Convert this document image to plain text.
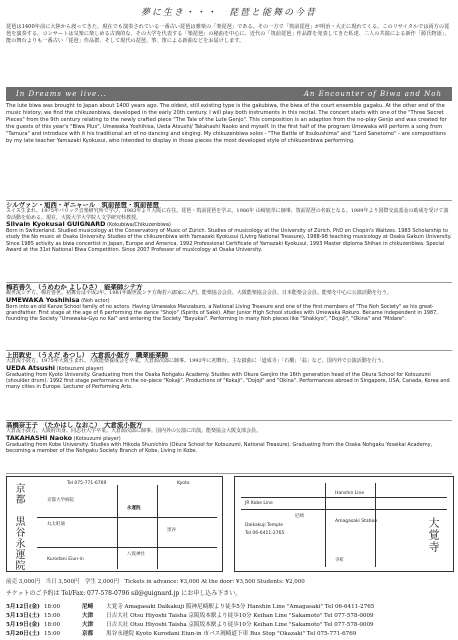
夢に生き・・・　琵琶と能舞の今昔
琵琶は1400年前に大陸から渡ってきた。現在でも演奏されている一番古い琵琶は雅楽の「楽琵琶」である。その一方で「筑前琵琶」が明治・大正に現れてくる。このリサイタルでは両方の琵琶を演奏する。コンサートは気楽に楽しめる古典的な、その大学を代表する「楽琵琶」の秘曲を中心に、近代の「筑前琵琶」作品群を発表してきた私達、二人の共演による新作「源氏物語」、能の舞台よりも一番古い「琵琶」作品群、そして現代の琵琶、箏、笛による新曲などをお届けします。
In Dreams we live...	An Encounter of Biwa and Noh
The lute biwa was brought to Japan about 1400 years ago. The oldest, still existing type is the gakubiwa, the biwa of the court ensemble gagaku. At the other end of the music history, we find the chikuzenbiwa, developed in the early 20th century. I will play both instruments in this recital. The concert starts with one of the "Three Secret Pieces" from the 9th century relating to the newly crafted piece "The Tale of the Lute Genjo". This composition is an adaption from the no-play Genjo and was created for the guests of this year's "Biwa Plus", Umewaka Yoshihisa, Ueda Atsushi/ Takahashi Naoko and myself. In the first half of the program Umewaka will perform a song from "Tamura" and introduce with it his traditional art of no dancing and singing. My chikuzenbiwa solos - "The Battle of Itsukushima" and "Lord Sanetomo" - are compositions by my late teacher Yamazaki Kyokusui, who intended to display in those pieces the most developed style of chikuzenbiwa performing.
シルヴァン・旭西・ギニャール　筑前琵琶・筑前琵琶
スイス生まれ。1975年バロック音楽研究所で学び，1983年より大阪に在住。琵琶・筑前琵琶を学ぶ。1986年 山崎旭萃に師事、筑前琵琶の名取となる。1989年より国際交流基金の助成を受けて演奏活動を始める。現在、大阪大学大学院人文学研究科教授。
Silvain Kyokusai GUIGNARD (Kokubiwa/Chikuzenbiwa)
Born in Switzerland. Studied musicology at the Conservatory of Music of Zürich. Studies of musicology at the University of Zürich, PhD on Chopin's Waltzes. 1983 Scholarship to study the No music at Osaka University. Studies of the chikuzenbiwa with Yamazaki Kyokusui (Living National Treasure), 1988-98 teaching musicology at Osaka Gakuin University. Since 1985 activity as biwa concertist in Japan, Europe and America. 1992 Professional Certificate of Yamazaki Kyokusui. 1993 Master diploma Shihan in chikuzenbiwa. Special Award at the 31st National Biwa Competition. Since 2007 Professor of musicology at Osaka University.
梅若善久　（うめわか よしひさ）　能楽師シテ方
観世流シテ方。梅若善世。初舞台は平成2年。1981年観世流シテ方梅若六郎家に入門。能楽協会会員、大阪能楽協会会員、日本能楽会会員。能楽を中心に公演活動を行う。
UMEWAKA Yoshihisa (Noh actor)
Born into an old Kanze School family of no actors. Having Umewaka Manzaburo, a National Living Treasure and one of the first members of "The Noh Society" as his great-grandfather. First stage at the age of 6 performing the dance "Shojo" (Spirits of Saké). After Junior High School studies with Umewaka Rokuro. Became independent in 1987, founding the Society "Umewaka-Gyo no Kai" and entering the Society "Bayukai". Performing in many Noh pieces like "Shakkyo", "Dojoji", "Okina" and "Midare".
上田敦史　（うえだ あつし）　大倉流小鼓方　職業能楽師
大倉流小鼓方。1975年大阪生まれ。大阪能楽養成会を卒業。大倉源次郎に師事。1992年に初舞台。主な披曲に「道成寺」「石橋」「翁」など。国内外で公演活動を行う。
UEDA Atsushi (Kotsuzumi player)
Graduating from Kyoto University. Graduating from the Osaka Nohgaku Academy. Studies with Okura Genjiro the 16th generation head of the Okura School for Kotsuzumi (shoulder drum). 1992 first stage performance in the no-piece "Kokaji". Productions of "Kokaji", "Dojoji" and "Okina". Performances abroad in Singapore, USA, Canada, Korea and many cities in Europe. Lecturer of Performing Arts.
高橋奈王子　（たかはし なおこ）　大倉流小鼓方
大倉流小鼓方。大阪府出身。同志社大学卒業。大倉源次郎に師事。国内外の公演に出演。能楽協会大阪支部会員。
TAKAHASHI Naoko (Kotsuzumi player)
Graduating from Kobe University. Studies with Hikoda Shunichiro (Okura School for Kotsuzumi, National Treasure). Graduating from the Osaka Nohgaku Yoseikai Academy, becoming a member of the Nohgaku Society Branch of Kobe, Living in Kobe.
京都　黒谷永運院	Tel 075-771-6769
永運院
京都大学病院
丸太町通
黒谷
八坂神社
Kurodani Eiun-in
Kyoto
Hanshin Line
JR Kobe Line
尼崎
Daikakuji Temple
Tel 06-6411-2765
Amagasaki Station
寺町
大覚寺
前売 3,000円　当日 3,500円　学生 2,000円　Tickets in advance: ¥3,000 At the door: ¥3,500 Students: ¥2,000
チケットのご予約は Tel/Fax: 077-578-0796 sil@guignard.jp にお申し込み下さい。
5月12日(金) 18:00	尼崎	大覚寺 Amagasaki Daikakuji 阪神尼崎駅より徒歩5分 Hanshin Line "Amagasaki" Tel 06-6411-2765
5月13日(土) 15:00	大津	日吉大社 Otsu Hiyoshi Taisha 京阪坂本駅より徒歩10分 Keihan Line "Sakamoto" Tel 077-578-0009
5月19日(金) 18:00	大津	日吉大社 Otsu Hiyoshi Taisha 京阪坂本駅より徒歩10分 Keihan Line "Sakamoto" Tel 077-578-0009
5月20日(土) 15:00	京都	黒谷永運院 Kyoto Kurodani Eiun-in 市バス岡崎道下車 Bus Stop "Okazaki" Tel 075-771-6769
